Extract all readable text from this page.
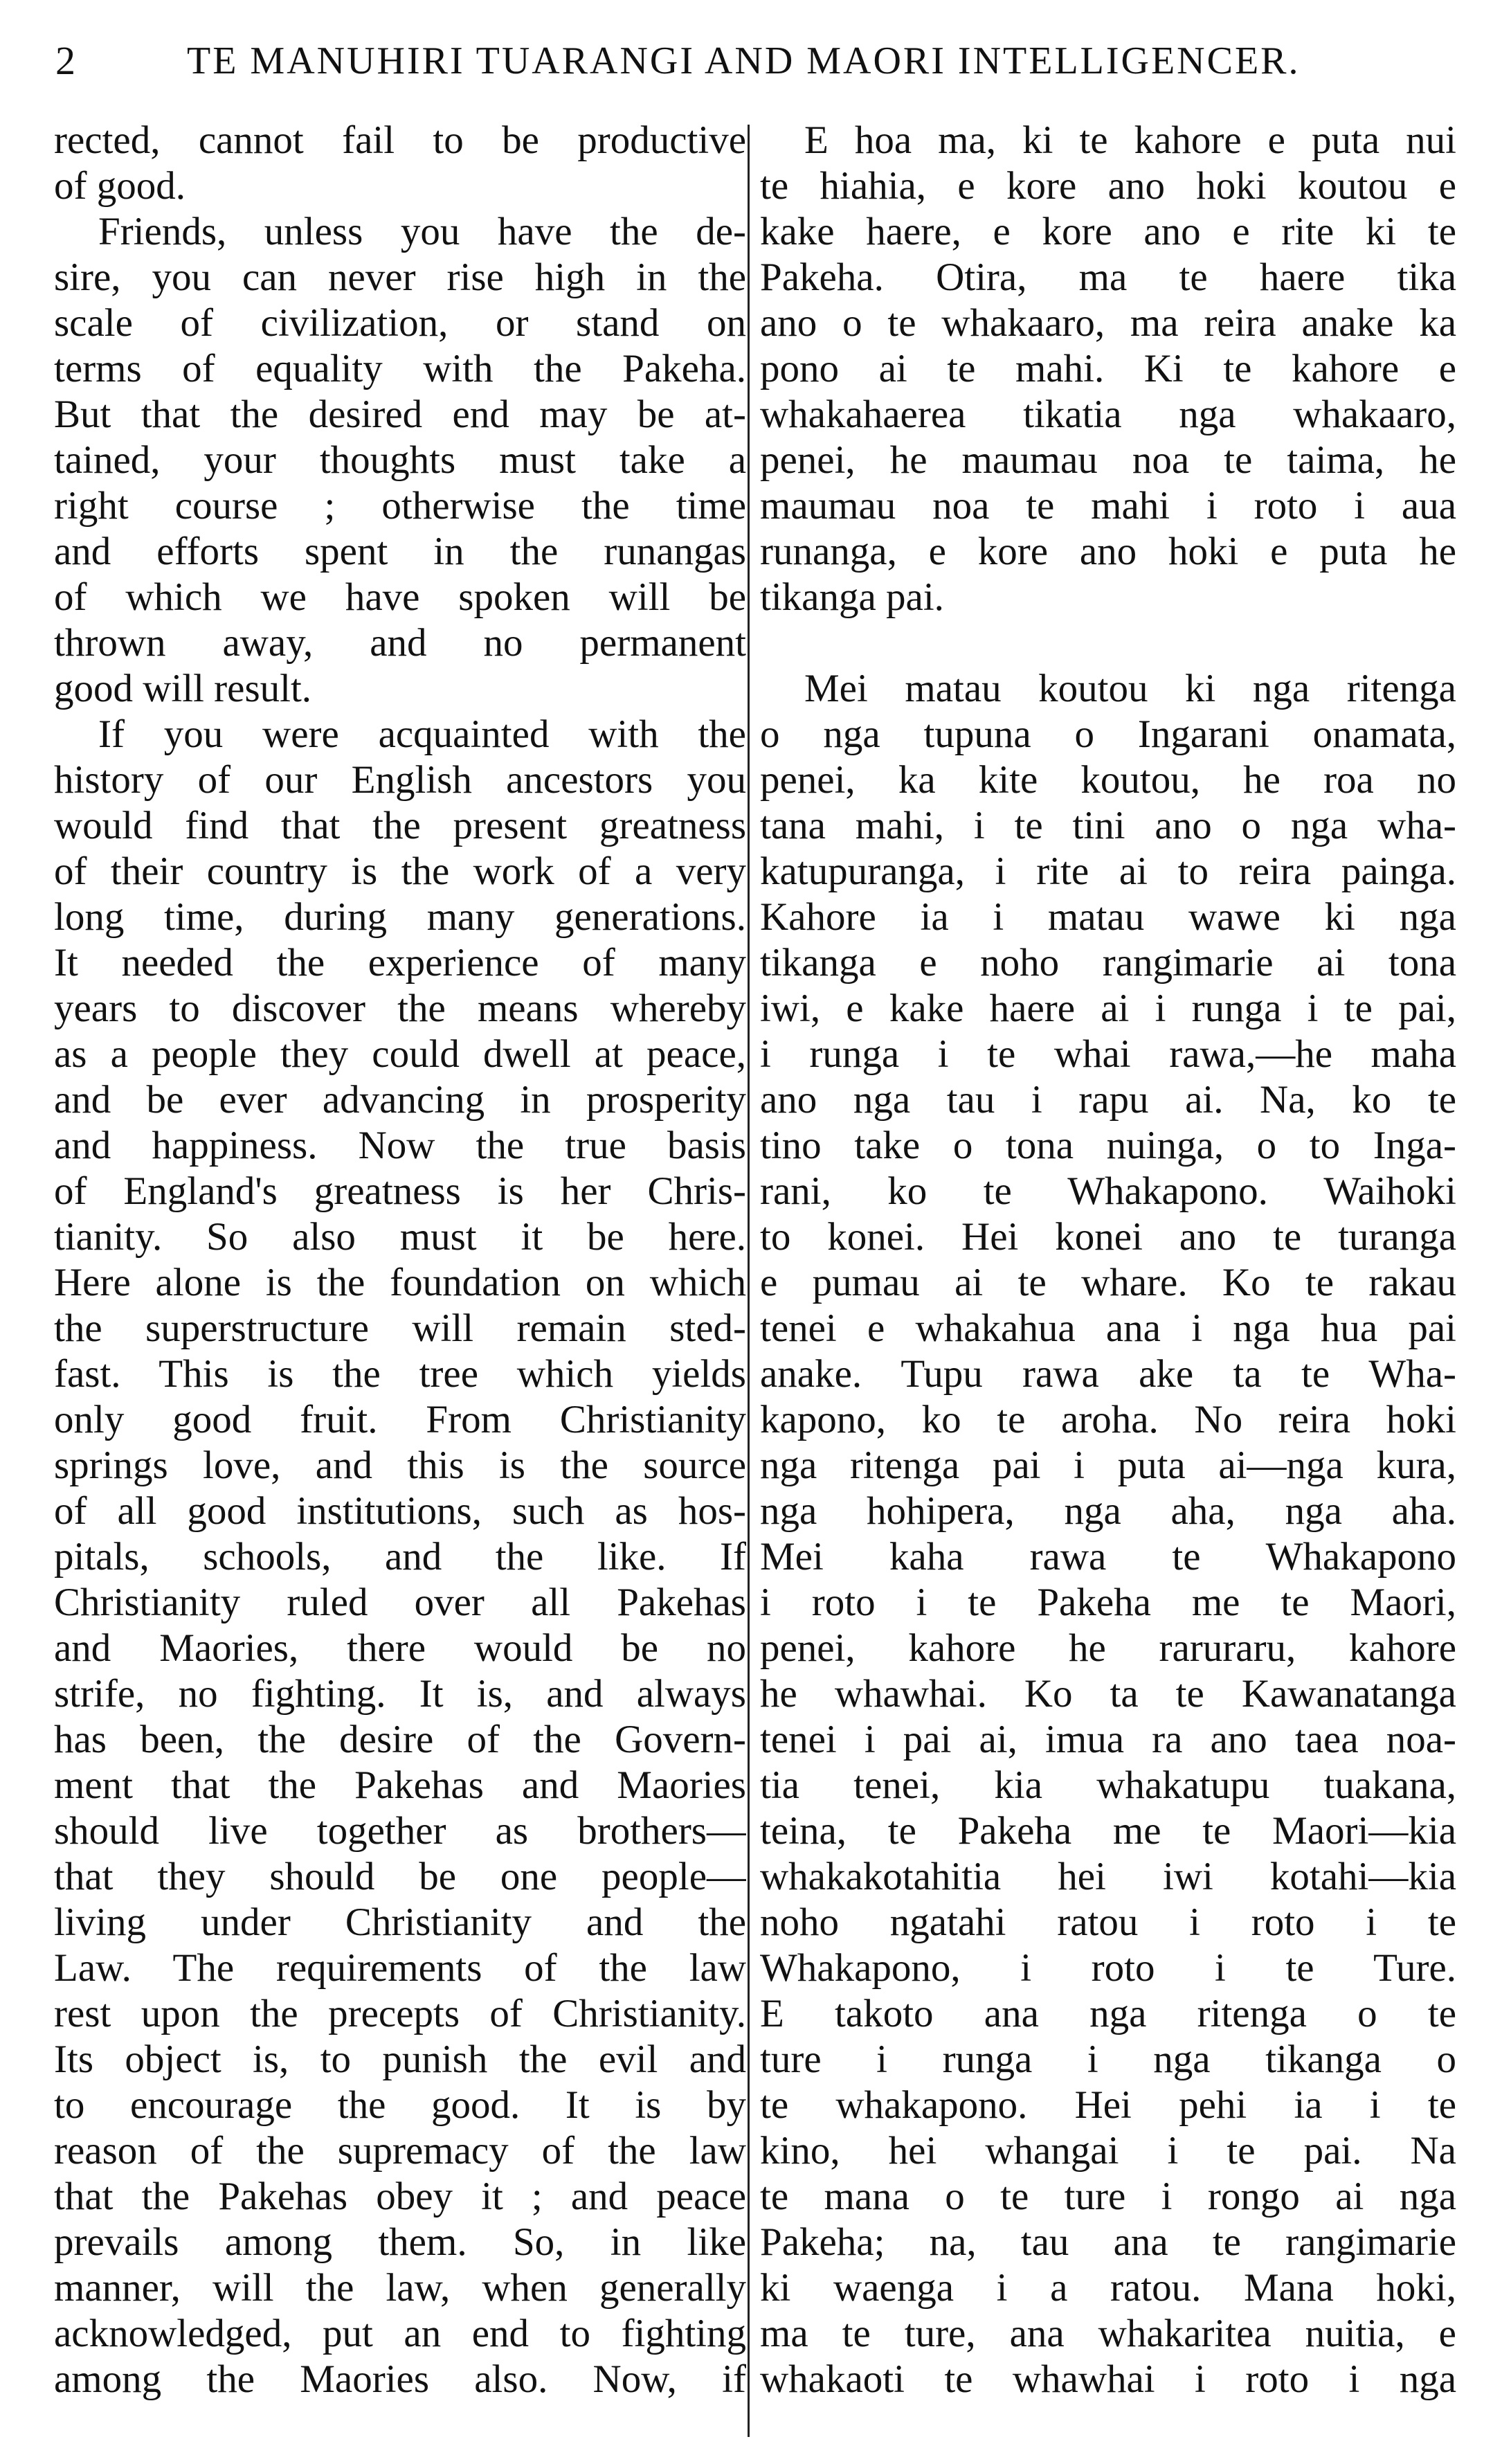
2	TE MANUHIRI TUARANGI AND MAORI INTELLIGENCER.
rected, cannot fail to be productive
of good.
Friends, unless you have the de-
sire, you can never rise high in the
scale of civilization, or stand on
terms of equality with the Pakeha.
But that the desired end may be at-
tained, your thoughts must take a
right course ; otherwise the time
and efforts spent in the runangas
of which we have spoken will be
thrown away, and no permanent
good will result.
If you were acquainted with the
history of our English ancestors you
would find that the present greatness
of their country is the work of a very
long time, during many generations.
It needed the experience of many
years to discover the means whereby
as a people they could dwell at peace,
and be ever advancing in prosperity
and happiness. Now the true basis
of England's greatness is her Chris-
tianity. So also must it be here.
Here alone is the foundation on which
the superstructure will remain sted-
fast. This is the tree which yields
only good fruit. From Christianity
springs love, and this is the source
of all good institutions, such as hos-
pitals, schools, and the like. If
Christianity ruled over all Pakehas
and Maories, there would be no
strife, no fighting. It is, and always
has been, the desire of the Govern-
ment that the Pakehas and Maories
should live together as brothers—
that they should be one people—
living under Christianity and the
Law. The requirements of the law
rest upon the precepts of Christianity.
Its object is, to punish the evil and
to encourage the good. It is by
reason of the supremacy of the law
that the Pakehas obey it ; and peace
prevails among them. So, in like
manner, will the law, when generally
acknowledged, put an end to fighting
among the Maories also. Now, if
E hoa ma, ki te kahore e puta nui
te hiahia, e kore ano hoki koutou e
kake haere, e kore ano e rite ki te
Pakeha. Otira, ma te haere tika
ano o te whakaaro, ma reira anake ka
pono ai te mahi. Ki te kahore e
whakahaerea tikatia nga whakaaro,
penei, he maumau noa te taima, he
maumau noa te mahi i roto i aua
runanga, e kore ano hoki e puta he
tikanga pai.
Mei matau koutou ki nga ritenga
o nga tupuna o Ingarani onamata,
penei, ka kite koutou, he roa no
tana mahi, i te tini ano o nga wha-
katupuranga, i rite ai to reira painga.
Kahore ia i matau wawe ki nga
tikanga e noho rangimarie ai tona
iwi, e kake haere ai i runga i te pai,
i runga i te whai rawa,—he maha
ano nga tau i rapu ai. Na, ko te
tino take o tona nuinga, o to Inga-
rani, ko te Whakapono. Waihoki
to konei. Hei konei ano te turanga
e pumau ai te whare. Ko te rakau
tenei e whakahua ana i nga hua pai
anake. Tupu rawa ake ta te Wha-
kapono, ko te aroha. No reira hoki
nga ritenga pai i puta ai—nga kura,
nga hohipera, nga aha, nga aha.
Mei kaha rawa te Whakapono
i roto i te Pakeha me te Maori,
penei, kahore he raruraru, kahore
he whawhai. Ko ta te Kawanatanga
tenei i pai ai, imua ra ano taea noa-
tia tenei, kia whakatupu tuakana,
teina, te Pakeha me te Maori—kia
whakakotahitia hei iwi kotahi—kia
noho ngatahi ratou i roto i te
Whakapono, i roto i te Ture.
E takoto ana nga ritenga o te
ture i runga i nga tikanga o
te whakapono. Hei pehi ia i te
kino, hei whangai i te pai. Na
te mana o te ture i rongo ai nga
Pakeha; na, tau ana te rangimarie
ki waenga i a ratou. Mana hoki,
ma te ture, ana whakaritea nuitia, e
whakaoti te whawhai i roto i nga
